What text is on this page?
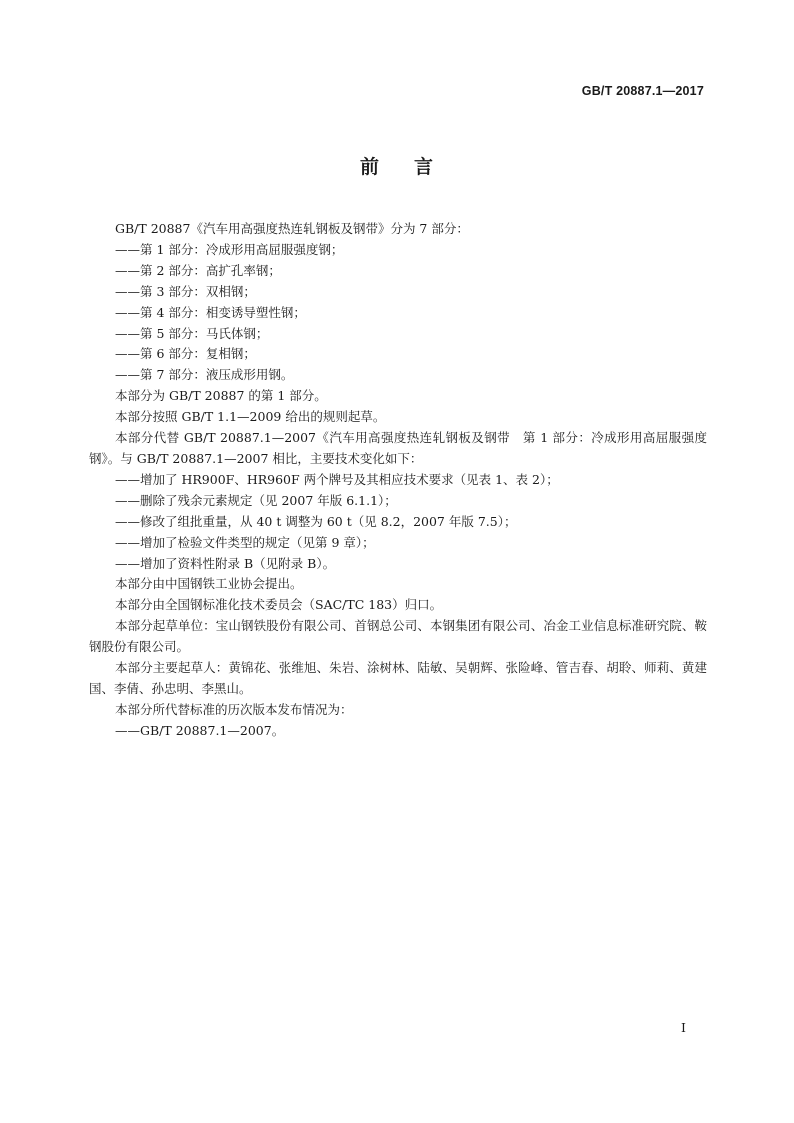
GB/T 20887.1—2017
前 言

GB/T 20887《汽车用高强度热连轧钢板及钢带》分为 7 部分：

——第 1 部分：冷成形用高屈服强度钢；

——第 2 部分：高扩孔率钢；

——第 3 部分：双相钢；

——第 4 部分：相变诱导塑性钢；

——第 5 部分：马氏体钢；

——第 6 部分：复相钢；

——第 7 部分：液压成形用钢。

本部分为 GB/T 20887 的第 1 部分。

本部分按照 GB/T 1.1—2009 给出的规则起草。

本部分代替 GB/T 20887.1—2007《汽车用高强度热连轧钢板及钢带　第 1 部分：冷成形用高屈服强度钢》。与 GB/T 20887.1—2007 相比，主要技术变化如下：

——增加了 HR900F、HR960F 两个牌号及其相应技术要求（见表 1、表 2）；

——删除了残余元素规定（见 2007 年版 6.1.1）；

——修改了组批重量，从 40 t 调整为 60 t（见 8.2，2007 年版 7.5）；

——增加了检验文件类型的规定（见第 9 章）；

——增加了资料性附录 B（见附录 B）。

本部分由中国钢铁工业协会提出。

本部分由全国钢标准化技术委员会（SAC/TC 183）归口。

本部分起草单位：宝山钢铁股份有限公司、首钢总公司、本钢集团有限公司、冶金工业信息标准研究院、鞍钢股份有限公司。

本部分主要起草人：黄锦花、张维旭、朱岩、涂树林、陆敏、吴朝辉、张险峰、管吉春、胡聆、师莉、黄建国、李倩、孙忠明、李黑山。

本部分所代替标准的历次版本发布情况为：

——GB/T 20887.1—2007。

I
